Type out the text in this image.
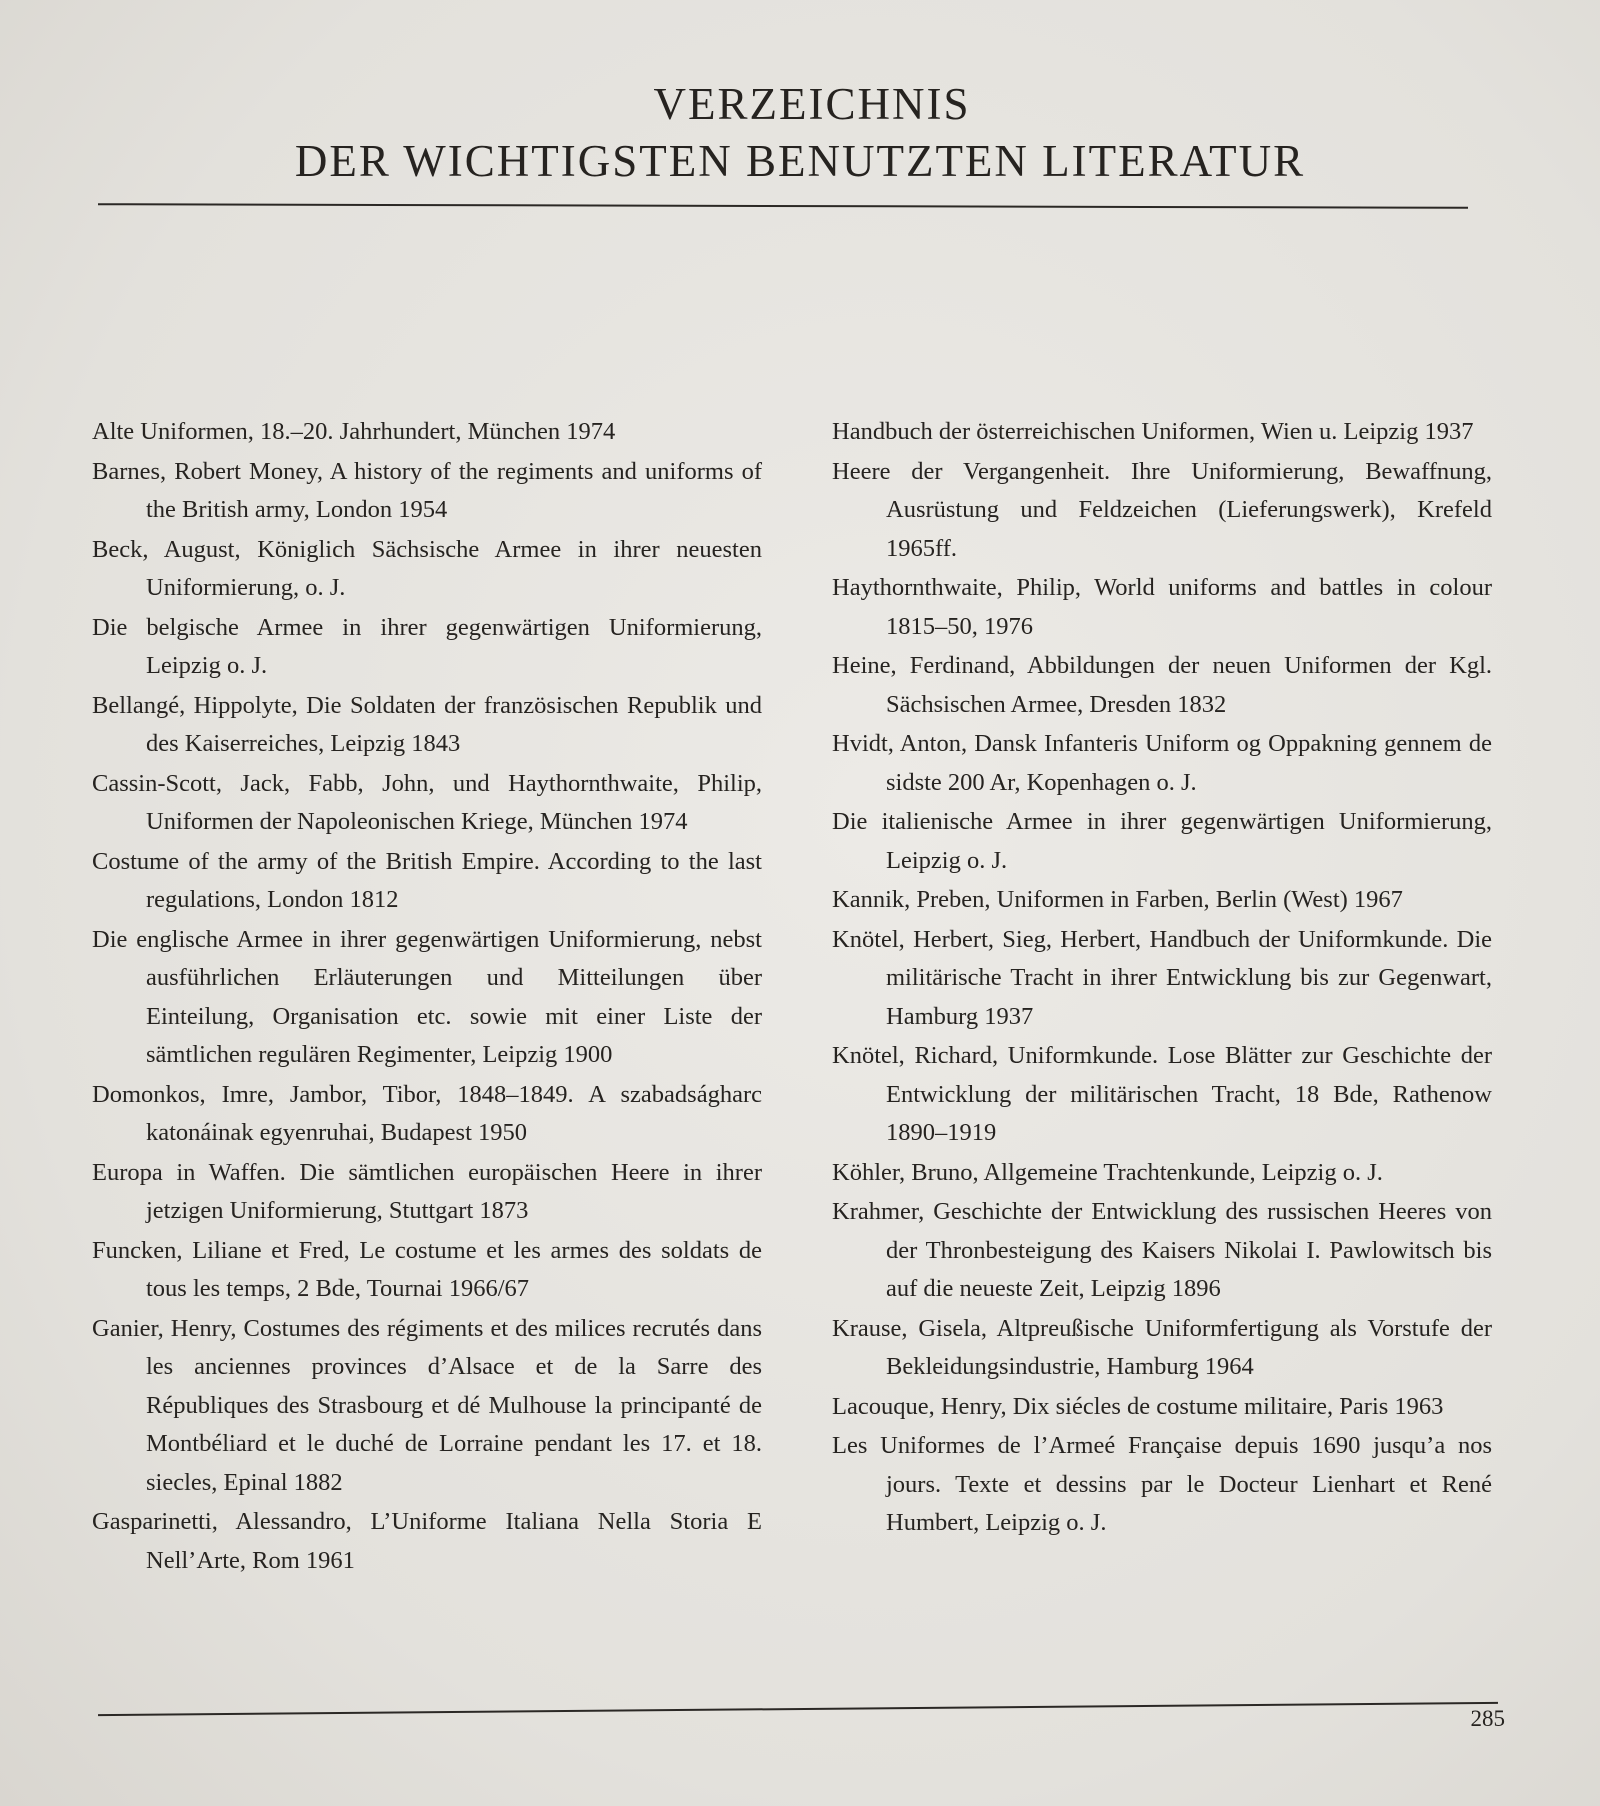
VERZEICHNIS
DER WICHTIGSTEN BENUTZTEN LITERATUR

Alte Uniformen, 18.–20. Jahrhundert, München 1974

Barnes, Robert Money, A history of the regiments and uniforms of the British army, London 1954

Beck, August, Königlich Sächsische Armee in ihrer neuesten Uniformierung, o. J.

Die belgische Armee in ihrer gegenwärtigen Uniformierung, Leipzig o. J.

Bellangé, Hippolyte, Die Soldaten der französischen Republik und des Kaiserreiches, Leipzig 1843

Cassin-Scott, Jack, Fabb, John, und Haythornthwaite, Philip, Uniformen der Napoleonischen Kriege, München 1974

Costume of the army of the British Empire. According to the last regulations, London 1812

Die englische Armee in ihrer gegenwärtigen Uniformierung, nebst ausführlichen Erläuterungen und Mitteilungen über Einteilung, Organisation etc. sowie mit einer Liste der sämtlichen regulären Regimenter, Leipzig 1900

Domonkos, Imre, Jambor, Tibor, 1848–1849. A szabadságharc katonáinak egyenruhai, Budapest 1950

Europa in Waffen. Die sämtlichen europäischen Heere in ihrer jetzigen Uniformierung, Stuttgart 1873

Funcken, Liliane et Fred, Le costume et les armes des soldats de tous les temps, 2 Bde, Tournai 1966/67

Ganier, Henry, Costumes des régiments et des milices recrutés dans les anciennes provinces d’Alsace et de la Sarre des Républiques des Strasbourg et dé Mulhouse la principanté de Montbéliard et le duché de Lorraine pendant les 17. et 18. siecles, Epinal 1882

Gasparinetti, Alessandro, L’Uniforme Italiana Nella Storia E Nell’Arte, Rom 1961

Handbuch der österreichischen Uniformen, Wien u. Leipzig 1937

Heere der Vergangenheit. Ihre Uniformierung, Bewaffnung, Ausrüstung und Feldzeichen (Lieferungswerk), Krefeld 1965ff.

Haythornthwaite, Philip, World uniforms and battles in colour 1815–50, 1976

Heine, Ferdinand, Abbildungen der neuen Uniformen der Kgl. Sächsischen Armee, Dresden 1832

Hvidt, Anton, Dansk Infanteris Uniform og Oppakning gennem de sidste 200 Ar, Kopenhagen o. J.

Die italienische Armee in ihrer gegenwärtigen Uniformierung, Leipzig o. J.

Kannik, Preben, Uniformen in Farben, Berlin (West) 1967

Knötel, Herbert, Sieg, Herbert, Handbuch der Uniformkunde. Die militärische Tracht in ihrer Entwicklung bis zur Gegenwart, Hamburg 1937

Knötel, Richard, Uniformkunde. Lose Blätter zur Geschichte der Entwicklung der militärischen Tracht, 18 Bde, Rathenow 1890–1919

Köhler, Bruno, Allgemeine Trachtenkunde, Leipzig o. J.

Krahmer, Geschichte der Entwicklung des russischen Heeres von der Thronbesteigung des Kaisers Nikolai I. Pawlowitsch bis auf die neueste Zeit, Leipzig 1896

Krause, Gisela, Altpreußische Uniformfertigung als Vorstufe der Bekleidungsindustrie, Hamburg 1964

Lacouque, Henry, Dix siécles de costume militaire, Paris 1963

Les Uniformes de l’Armeé Française depuis 1690 jusqu’a nos jours. Texte et dessins par le Docteur Lienhart et René Humbert, Leipzig o. J.

285
